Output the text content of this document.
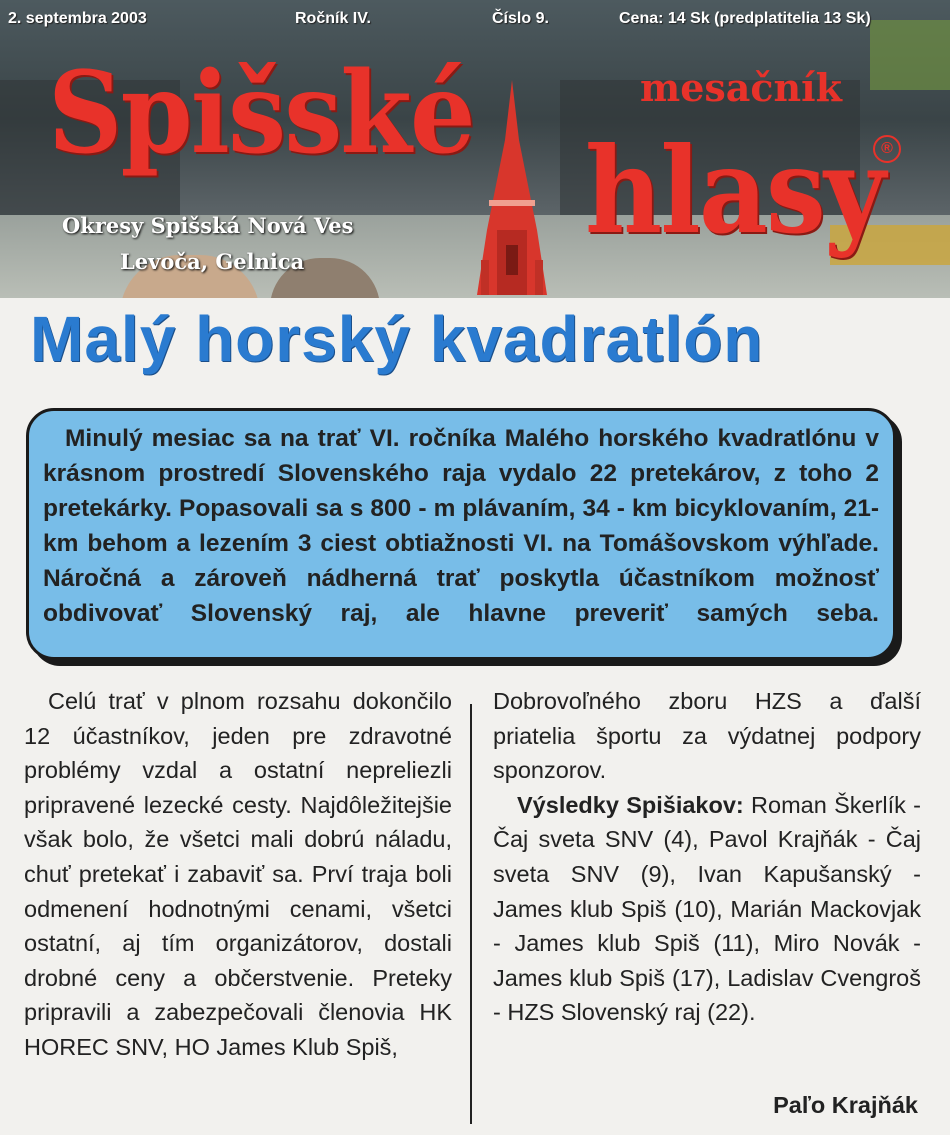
2. septembra 2003	Ročník IV.	Číslo 9.	Cena: 14 Sk (predplatitelia 13 Sk)
Spišské	mesačník
hlasy
®
Okresy Spišská Nová Ves
Levoča, Gelnica
Malý horský kvadratlón

Minulý mesiac sa na trať VI. ročníka Malého horského kvadratlónu v krásnom prostredí Slovenského raja vydalo 22 pretekárov, z toho 2 pretekárky. Popasovali sa s 800 - m plávaním, 34 - km bicyklovaním, 21- km behom a lezením 3 ciest obtiažnosti VI. na Tomášovskom výhľade. Náročná a zároveň nádherná trať poskytla účastníkom možnosť obdivovať Slovenský raj, ale hlavne preveriť samých seba.

Celú trať v plnom rozsahu dokončilo 12 účastníkov, jeden pre zdravotné problémy vzdal a ostatní nepreliezli pripravené lezecké cesty. Najdôležitejšie však bolo, že všetci mali dobrú náladu, chuť pretekať i zabaviť sa. Prví traja boli odmenení hodnotnými cenami, všetci ostatní, aj tím organizátorov, dostali drobné ceny a občerstvenie. Preteky pripravili a zabezpečovali členovia HK HOREC SNV, HO James Klub Spiš,

Dobrovoľného zboru HZS a ďalší priatelia športu za výdatnej podpory sponzorov.

Výsledky Spišiakov: Roman Škerlík - Čaj sveta SNV (4), Pavol Krajňák - Čaj sveta SNV (9), Ivan Kapušanský - James klub Spiš (10), Marián Mackovjak - James klub Spiš (11), Miro Novák - James klub Spiš (17), Ladislav Cvengroš - HZS Slovenský raj (22).

Paľo Krajňák
